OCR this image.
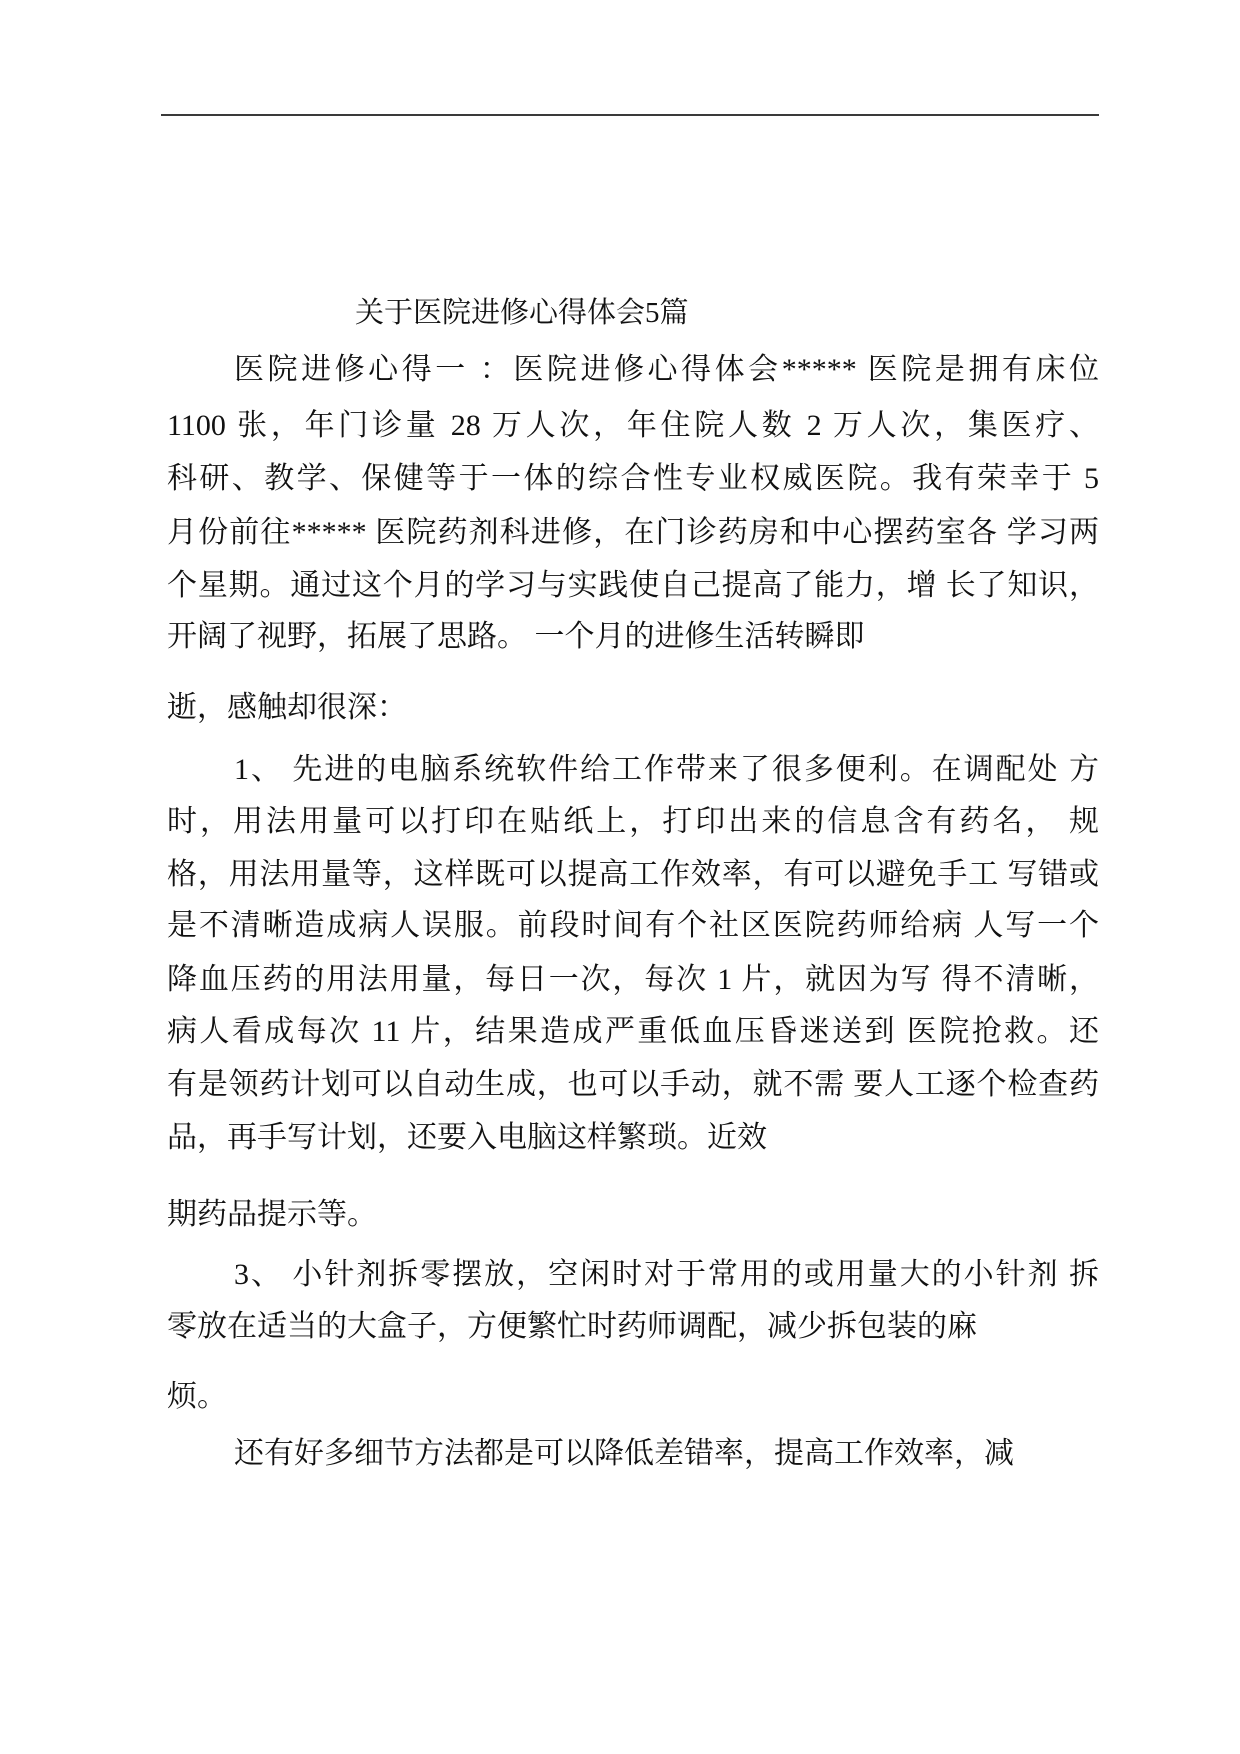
关于医院进修心得体会5篇
医院进修心得一 ：医院进修心得体会***** 医院是拥有床位
1100 张，年门诊量 28 万人次，年住院人数 2 万人次，集医疗、
科研、教学、保健等于一体的综合性专业权威医院。我有荣幸于 5
月份前往***** 医院药剂科进修，在门诊药房和中心摆药室各 学习两
个星期。通过这个月的学习与实践使自己提高了能力，增 长了知识，
开阔了视野，拓展了思路。 一个月的进修生活转瞬即
逝，感触却很深：
1、 先进的电脑系统软件给工作带来了很多便利。在调配处 方
时，用法用量可以打印在贴纸上，打印出来的信息含有药名， 规
格，用法用量等，这样既可以提高工作效率，有可以避免手工 写错或
是不清晰造成病人误服。前段时间有个社区医院药师给病 人写一个
降血压药的用法用量，每日一次，每次 1 片，就因为写 得不清晰，
病人看成每次 11 片，结果造成严重低血压昏迷送到 医院抢救。还
有是领药计划可以自动生成，也可以手动，就不需 要人工逐个检查药
品，再手写计划，还要入电脑这样繁琐。近效
期药品提示等。
3、 小针剂拆零摆放，空闲时对于常用的或用量大的小针剂 拆
零放在适当的大盒子，方便繁忙时药师调配，减少拆包装的麻
烦。
还有好多细节方法都是可以降低差错率，提高工作效率，减
